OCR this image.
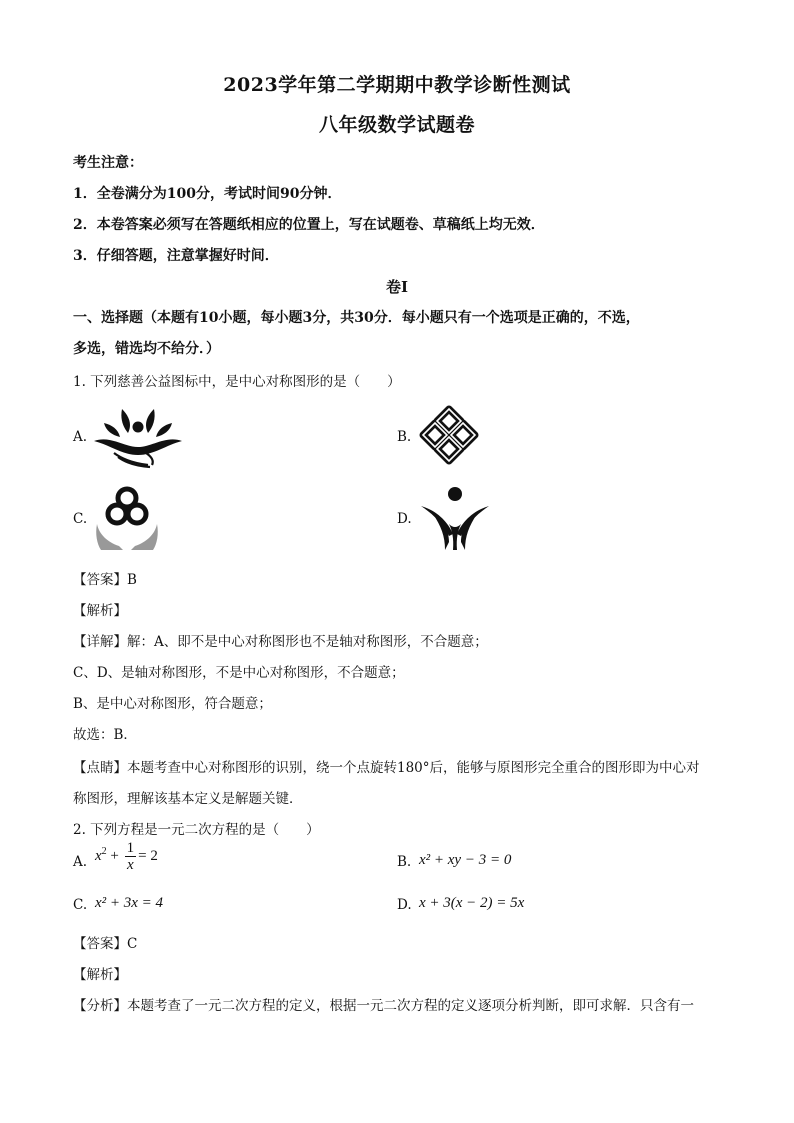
2023学年第二学期期中教学诊断性测试
八年级数学试题卷
考生注意：
1．全卷满分为100分，考试时间90分钟．
2．本卷答案必须写在答题纸相应的位置上，写在试题卷、草稿纸上均无效．
3．仔细答题，注意掌握好时间．
卷Ⅰ
一、选择题（本题有10小题，每小题3分，共30分．每小题只有一个选项是正确的，不选，
多选，错选均不给分．）
1. 下列慈善公益图标中，是中心对称图形的是（　　）
A.	B.
C.	D.
【答案】B
【解析】
【详解】解：A、即不是中心对称图形也不是轴对称图形，不合题意；
C、D、是轴对称图形，不是中心对称图形，不合题意；
B、是中心对称图形，符合题意；
故选：B．
【点睛】本题考查中心对称图形的识别，绕一个点旋转180°后，能够与原图形完全重合的图形即为中心对
称图形，理解该基本定义是解题关键．
2. 下列方程是一元二次方程的是（　　）
A. $x^2 + \frac{1}{x} = 2$	B. x² + xy − 3 = 0
C. x² + 3x = 4	D. x + 3(x − 2) = 5x
【答案】C
【解析】
【分析】本题考查了一元二次方程的定义，根据一元二次方程的定义逐项分析判断，即可求解．只含有一
